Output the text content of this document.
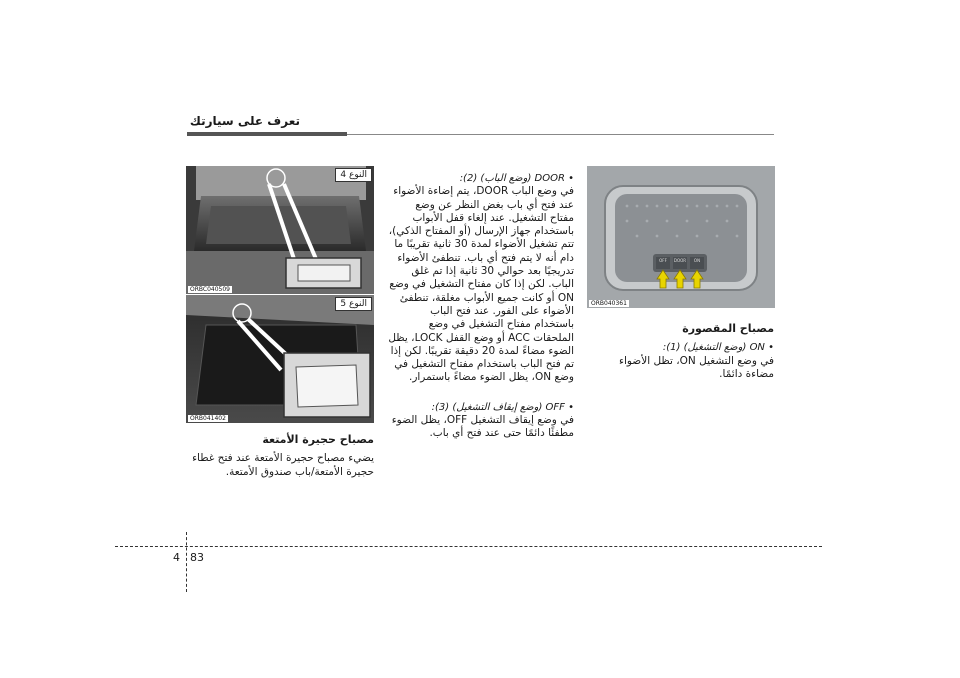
تعرف على سيارتك
النوع 4
ORBC040509
النوع 5
ORB041402
OFF	DOOR	ON
ORB040361
مصباح حجيرة الأمتعة
يضيء مصباح حجيرة الأمتعة عند فتح غطاء حجيرة الأمتعة/باب صندوق الأمتعة.
• DOOR (وضع الباب) (2):
في وضع الباب DOOR، يتم إضاءة الأضواء عند فتح أي باب بغض النظر عن وضع مفتاح التشغيل. عند إلغاء قفل الأبواب باستخدام جهاز الإرسال (أو المفتاح الذكي)، تتم تشغيل الأضواء لمدة 30 ثانية تقريبًا ما دام أنه لا يتم فتح أي باب. تنطفئ الأضواء تدريجيًا بعد حوالي 30 ثانية إذا تم غلق الباب. لكن إذا كان مفتاح التشغيل في وضع ON أو كانت جميع الأبواب مغلقة، تنطفئ الأضواء على الفور. عند فتح الباب باستخدام مفتاح التشغيل في وضع الملحقات ACC أو وضع القفل LOCK، يظل الضوء مضاءً لمدة 20 دقيقة تقريبًا. لكن إذا تم فتح الباب باستخدام مفتاح التشغيل في وضع ON، يظل الضوء مضاءً باستمرار.
• OFF (وضع إيقاف التشغيل) (3):
في وضع إيقاف التشغيل OFF، يظل الضوء مطفئًا دائمًا حتى عند فتح أي باب.
مصباح المقصورة
• ON (وضع التشغيل) (1):
في وضع التشغيل ON، تظل الأضواء مضاءة دائمًا.
4 83
